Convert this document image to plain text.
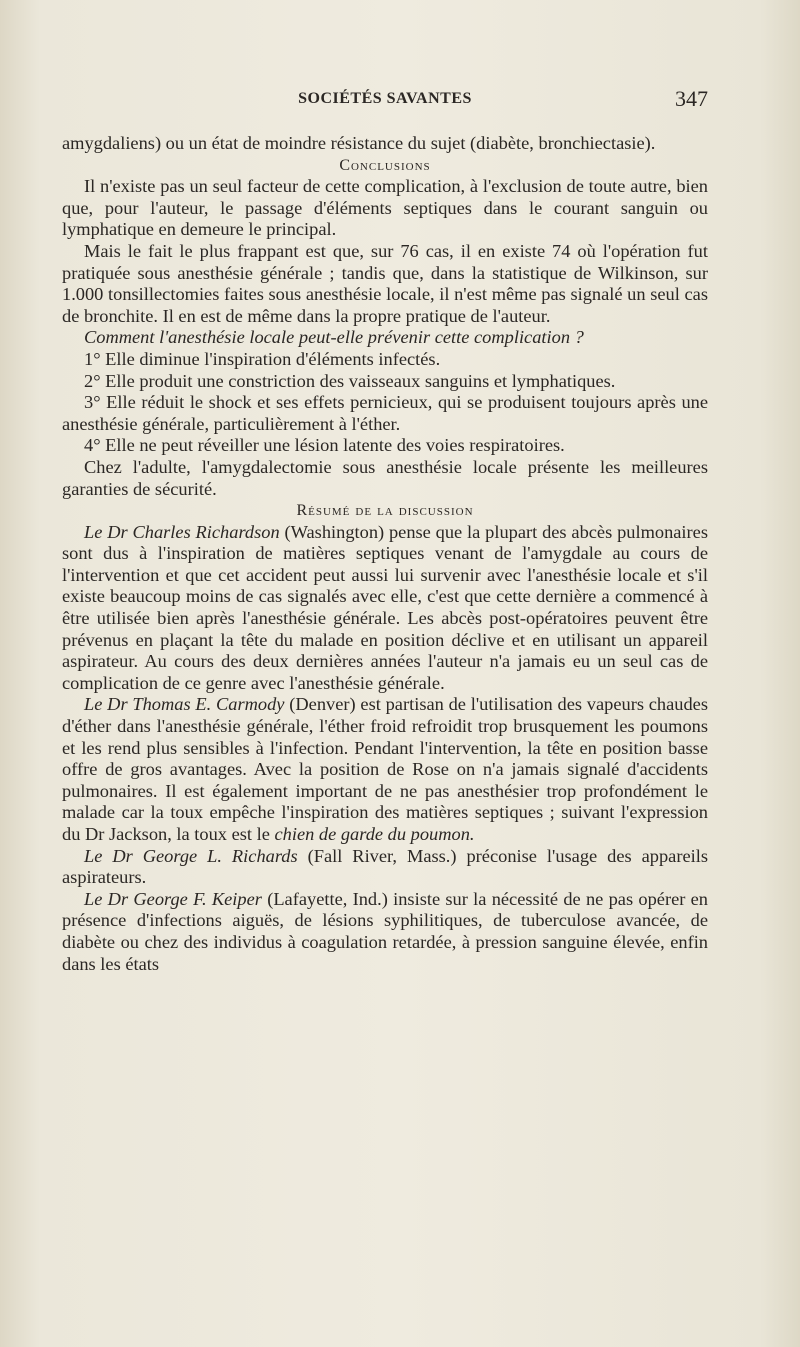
SOCIÉTÉS SAVANTES	347

amygdaliens) ou un état de moindre résistance du sujet (diabète, bronchiectasie).

Conclusions

Il n'existe pas un seul facteur de cette complication, à l'exclusion de toute autre, bien que, pour l'auteur, le passage d'éléments septiques dans le courant sanguin ou lymphatique en demeure le principal.

Mais le fait le plus frappant est que, sur 76 cas, il en existe 74 où l'opération fut pratiquée sous anesthésie générale ; tandis que, dans la statistique de Wilkinson, sur 1.000 tonsillectomies faites sous anesthésie locale, il n'est même pas signalé un seul cas de bronchite. Il en est de même dans la propre pratique de l'auteur.

Comment l'anesthésie locale peut-elle prévenir cette complication ?

1° Elle diminue l'inspiration d'éléments infectés.

2° Elle produit une constriction des vaisseaux sanguins et lymphatiques.

3° Elle réduit le shock et ses effets pernicieux, qui se produisent toujours après une anesthésie générale, particulièrement à l'éther.

4° Elle ne peut réveiller une lésion latente des voies respiratoires.

Chez l'adulte, l'amygdalectomie sous anesthésie locale présente les meilleures garanties de sécurité.

Résumé de la discussion

Le Dr Charles Richardson (Washington) pense que la plupart des abcès pulmonaires sont dus à l'inspiration de matières septiques venant de l'amygdale au cours de l'intervention et que cet accident peut aussi lui survenir avec l'anesthésie locale et s'il existe beaucoup moins de cas signalés avec elle, c'est que cette dernière a commencé à être utilisée bien après l'anesthésie générale. Les abcès post-opératoires peuvent être prévenus en plaçant la tête du malade en position déclive et en utilisant un appareil aspirateur. Au cours des deux dernières années l'auteur n'a jamais eu un seul cas de complication de ce genre avec l'anesthésie générale.

Le Dr Thomas E. Carmody (Denver) est partisan de l'utilisation des vapeurs chaudes d'éther dans l'anesthésie générale, l'éther froid refroidit trop brusquement les poumons et les rend plus sensibles à l'infection. Pendant l'intervention, la tête en position basse offre de gros avantages. Avec la position de Rose on n'a jamais signalé d'accidents pulmonaires. Il est également important de ne pas anesthésier trop profondément le malade car la toux empêche l'inspiration des matières septiques ; suivant l'expression du Dr Jackson, la toux est le chien de garde du poumon.

Le Dr George L. Richards (Fall River, Mass.) préconise l'usage des appareils aspirateurs.

Le Dr George F. Keiper (Lafayette, Ind.) insiste sur la nécessité de ne pas opérer en présence d'infections aiguës, de lésions syphilitiques, de tuberculose avancée, de diabète ou chez des individus à coagulation retardée, à pression sanguine élevée, enfin dans les états
